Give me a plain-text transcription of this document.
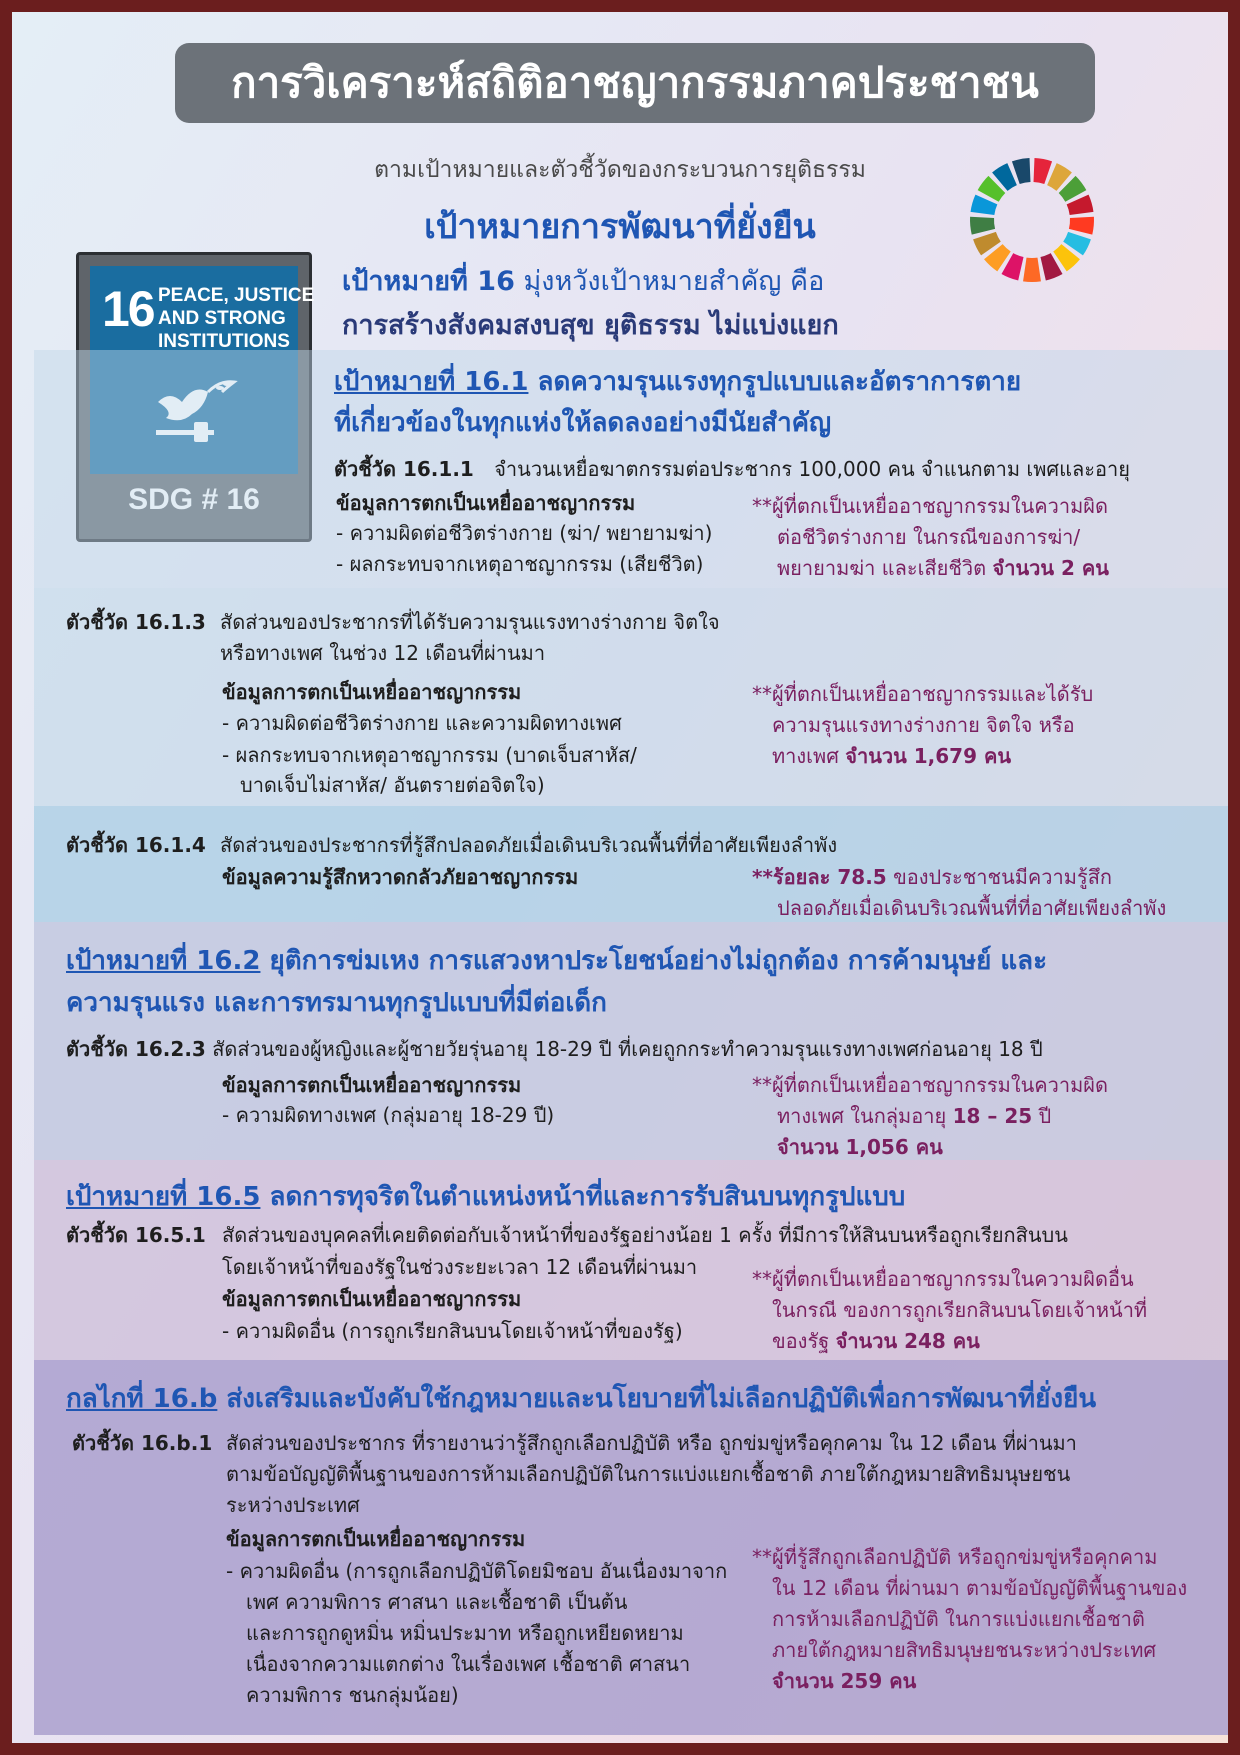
การวิเคราะห์สถิติอาชญากรรมภาคประชาชน
ตามเป้าหมายและตัวชี้วัดของกระบวนการยุติธรรม
เป้าหมายการพัฒนาที่ยั่งยืน
16 PEACE, JUSTICE
AND STRONG
INSTITUTIONS
SDG # 16
เป้าหมายที่ 16 มุ่งหวังเป้าหมายสำคัญ คือ
การสร้างสังคมสงบสุข ยุติธรรม ไม่แบ่งแยก
เป้าหมายที่ 16.1 ลดความรุนแรงทุกรูปแบบและอัตราการตาย
ที่เกี่ยวข้องในทุกแห่งให้ลดลงอย่างมีนัยสำคัญ
ตัวชี้วัด 16.1.1 จำนวนเหยื่อฆาตกรรมต่อประชากร 100,000 คน จำแนกตาม เพศและอายุ
ข้อมูลการตกเป็นเหยื่ออาชญากรรม
- ความผิดต่อชีวิตร่างกาย (ฆ่า/ พยายามฆ่า)
- ผลกระทบจากเหตุอาชญากรรม (เสียชีวิต)
**ผู้ที่ตกเป็นเหยื่ออาชญากรรมในความผิด
ต่อชีวิตร่างกาย ในกรณีของการฆ่า/
พยายามฆ่า และเสียชีวิต จำนวน 2 คน
ตัวชี้วัด 16.1.3 สัดส่วนของประชากรที่ได้รับความรุนแรงทางร่างกาย จิตใจ
หรือทางเพศ ในช่วง 12 เดือนที่ผ่านมา
ข้อมูลการตกเป็นเหยื่ออาชญากรรม
- ความผิดต่อชีวิตร่างกาย และความผิดทางเพศ
- ผลกระทบจากเหตุอาชญากรรม (บาดเจ็บสาหัส/
บาดเจ็บไม่สาหัส/ อันตรายต่อจิตใจ)
**ผู้ที่ตกเป็นเหยื่ออาชญากรรมและได้รับ
ความรุนแรงทางร่างกาย จิตใจ หรือ
ทางเพศ จำนวน 1,679 คน
ตัวชี้วัด 16.1.4 สัดส่วนของประชากรที่รู้สึกปลอดภัยเมื่อเดินบริเวณพื้นที่ที่อาศัยเพียงลำพัง
ข้อมูลความรู้สึกหวาดกลัวภัยอาชญากรรม	**ร้อยละ 78.5 ของประชาชนมีความรู้สึก
ปลอดภัยเมื่อเดินบริเวณพื้นที่ที่อาศัยเพียงลำพัง
เป้าหมายที่ 16.2 ยุติการข่มเหง การแสวงหาประโยชน์อย่างไม่ถูกต้อง การค้ามนุษย์ และ
ความรุนแรง และการทรมานทุกรูปแบบที่มีต่อเด็ก
ตัวชี้วัด 16.2.3 สัดส่วนของผู้หญิงและผู้ชายวัยรุ่นอายุ 18-29 ปี ที่เคยถูกกระทำความรุนแรงทางเพศก่อนอายุ 18 ปี
ข้อมูลการตกเป็นเหยื่ออาชญากรรม
- ความผิดทางเพศ (กลุ่มอายุ 18-29 ปี)
**ผู้ที่ตกเป็นเหยื่ออาชญากรรมในความผิด
ทางเพศ ในกลุ่มอายุ 18 – 25 ปี
จำนวน 1,056 คน
เป้าหมายที่ 16.5 ลดการทุจริตในตำแหน่งหน้าที่และการรับสินบนทุกรูปแบบ
ตัวชี้วัด 16.5.1 สัดส่วนของบุคคลที่เคยติดต่อกับเจ้าหน้าที่ของรัฐอย่างน้อย 1 ครั้ง ที่มีการให้สินบนหรือถูกเรียกสินบน
โดยเจ้าหน้าที่ของรัฐในช่วงระยะเวลา 12 เดือนที่ผ่านมา
ข้อมูลการตกเป็นเหยื่ออาชญากรรม
- ความผิดอื่น (การถูกเรียกสินบนโดยเจ้าหน้าที่ของรัฐ)
**ผู้ที่ตกเป็นเหยื่ออาชญากรรมในความผิดอื่น
ในกรณี ของการถูกเรียกสินบนโดยเจ้าหน้าที่
ของรัฐ จำนวน 248 คน
กลไกที่ 16.b ส่งเสริมและบังคับใช้กฎหมายและนโยบายที่ไม่เลือกปฏิบัติเพื่อการพัฒนาที่ยั่งยืน
ตัวชี้วัด 16.b.1 สัดส่วนของประชากร ที่รายงานว่ารู้สึกถูกเลือกปฏิบัติ หรือ ถูกข่มขู่หรือคุกคาม ใน 12 เดือน ที่ผ่านมา
ตามข้อบัญญัติพื้นฐานของการห้ามเลือกปฏิบัติในการแบ่งแยกเชื้อชาติ ภายใต้กฎหมายสิทธิมนุษยชน
ระหว่างประเทศ
ข้อมูลการตกเป็นเหยื่ออาชญากรรม
- ความผิดอื่น (การถูกเลือกปฏิบัติโดยมิชอบ อันเนื่องมาจาก
เพศ ความพิการ ศาสนา และเชื้อชาติ เป็นต้น
และการถูกดูหมิ่น หมิ่นประมาท หรือถูกเหยียดหยาม
เนื่องจากความแตกต่าง ในเรื่องเพศ เชื้อชาติ ศาสนา
ความพิการ ชนกลุ่มน้อย)
**ผู้ที่รู้สึกถูกเลือกปฏิบัติ หรือถูกข่มขู่หรือคุกคาม
ใน 12 เดือน ที่ผ่านมา ตามข้อบัญญัติพื้นฐานของ
การห้ามเลือกปฏิบัติ ในการแบ่งแยกเชื้อชาติ
ภายใต้กฎหมายสิทธิมนุษยชนระหว่างประเทศ
จำนวน 259 คน
